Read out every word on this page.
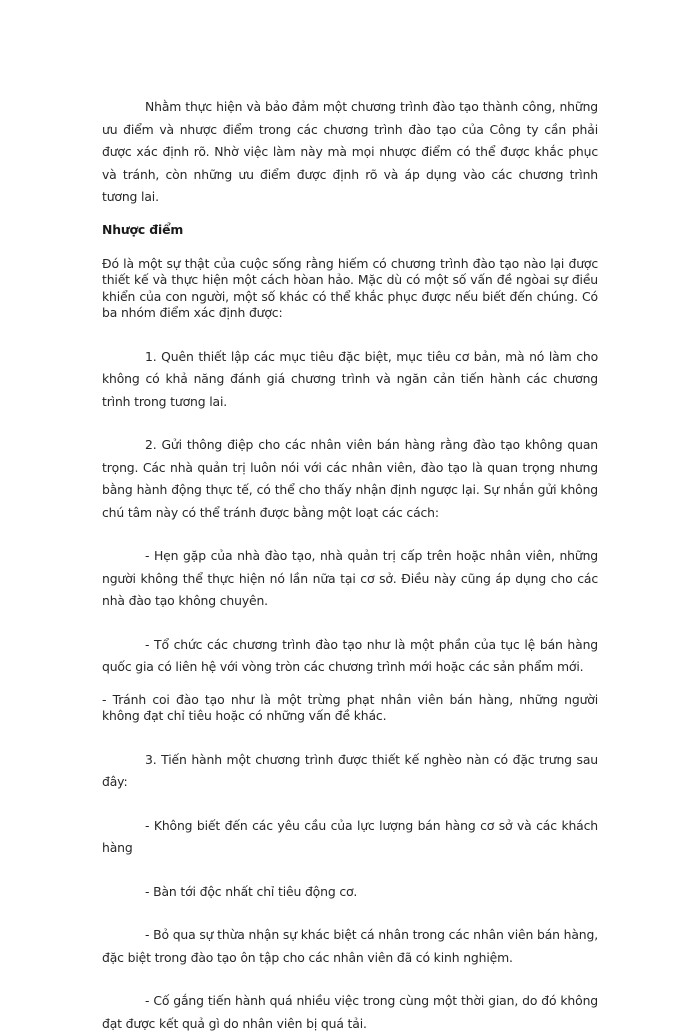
Nhằm thực hiện và bảo đảm một chương trình đào tạo thành công, những ưu điểm và nhược điểm trong các chương trình đào tạo của Công ty cần phải được xác định rõ. Nhờ việc làm này mà mọi nhược điểm có thể được khắc phục và tránh, còn những ưu điểm được định rõ và áp dụng vào các chương trình tương lai.

Nhược điểm

Đó là một sự thật của cuộc sống rằng hiếm có chương trình đào tạo nào lại được thiết kế và thực hiện một cách hòan hảo. Mặc dù có một số vấn đề ngòai sự điều khiển của con người, một số khác có thể khắc phục được nếu biết đến chúng. Có ba nhóm điểm xác định được:

1. Quên thiết lập các mục tiêu đặc biệt, mục tiêu cơ bản, mà nó làm cho không có khả năng đánh giá chương trình và ngăn cản tiến hành các chương trình trong tương lai.

2. Gửi thông điệp cho các nhân viên bán hàng rằng đào tạo không quan trọng. Các nhà quản trị luôn nói với các nhân viên, đào tạo là quan trọng nhưng bằng hành động thực tế, có thể cho thấy nhận định ngược lại. Sự nhắn gửi không chú tâm này có thể tránh được bằng một loạt các cách:

- Hẹn gặp của nhà đào tạo, nhà quản trị cấp trên hoặc nhân viên, những người không thể thực hiện nó lần nữa tại cơ sở. Điều này cũng áp dụng cho các nhà đào tạo không chuyên.

- Tổ chức các chương trình đào tạo như là một phần của tục lệ bán hàng quốc gia có liên hệ với vòng tròn các chương trình mới hoặc các sản phẩm mới.

- Tránh coi đào tạo như là một trừng phạt nhân viên bán hàng, những người không đạt chỉ tiêu hoặc có những vấn đề khác.

3. Tiến hành một chương trình được thiết kế nghèo nàn có đặc trưng sau đây:

- Không biết đến các yêu cầu của lực lượng bán hàng cơ sở và các khách hàng

- Bàn tới độc nhất chỉ tiêu động cơ.

- Bỏ qua sự thừa nhận sự khác biệt cá nhân trong các nhân viên bán hàng, đặc biệt trong đào tạo ôn tập cho các nhân viên đã có kinh nghiệm.

- Cố gắng tiến hành quá nhiều việc trong cùng một thời gian, do đó không đạt được kết quả gì do nhân viên bị quá tải.
